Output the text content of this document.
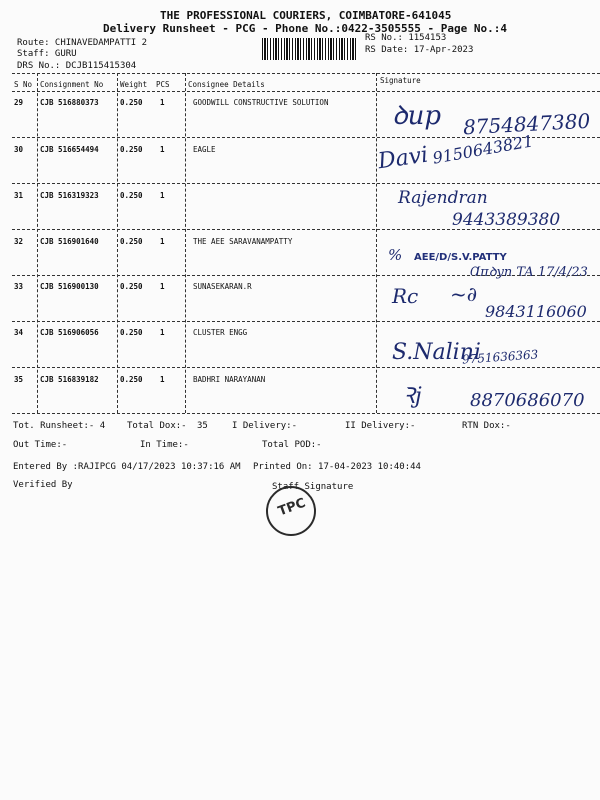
THE PROFESSIONAL COURIERS, COIMBATORE-641045
Delivery Runsheet - PCG - Phone No.:0422-3505555 - Page No.:4
Route: CHINAVEDAMPATTI 2
Staff: GURU
DRS No.: DCJB115415304
RS No.: 1154153
RS Date: 17-Apr-2023
S No Consignment No Weight PCS Consignee Details	Signature
29 CJB 516880373	0.250 1	GOODWILL CONSTRUCTIVE SOLUTION ꝺup 8754847380
30 CJB 516654494	0.250 1	EAGLE	Davi 9150643821
31 CJB 516319323	0.250 1	Rajendran
9443389380
32 CJB 516901640	0.250 1	THE AEE SARAVANAMPATTY
% AEE/D/S.V.PATTY
Ɑπꝺyn TA 17/4/23
33 CJB 516900130	0.250 1	SUNASEKARAN.R	Rc ~∂
9843116060
34 CJB 516906056	0.250 1	CLUSTER ENGG
S.Nalini
9751636363
35 CJB 516839182	0.250 1	BADHRI NARAYANAN
Ꝛj	8870686070
Tot. Runsheet:- 4 Total Dox:- 35	I Delivery:-	II Delivery:-	RTN Dox:-
Out Time:-	In Time:-	Total POD:-
Entered By :RAJIPCG 04/17/2023 10:37:16 AM Printed On: 17-04-2023 10:40:44
Verified By	Staff Signature
TPC
